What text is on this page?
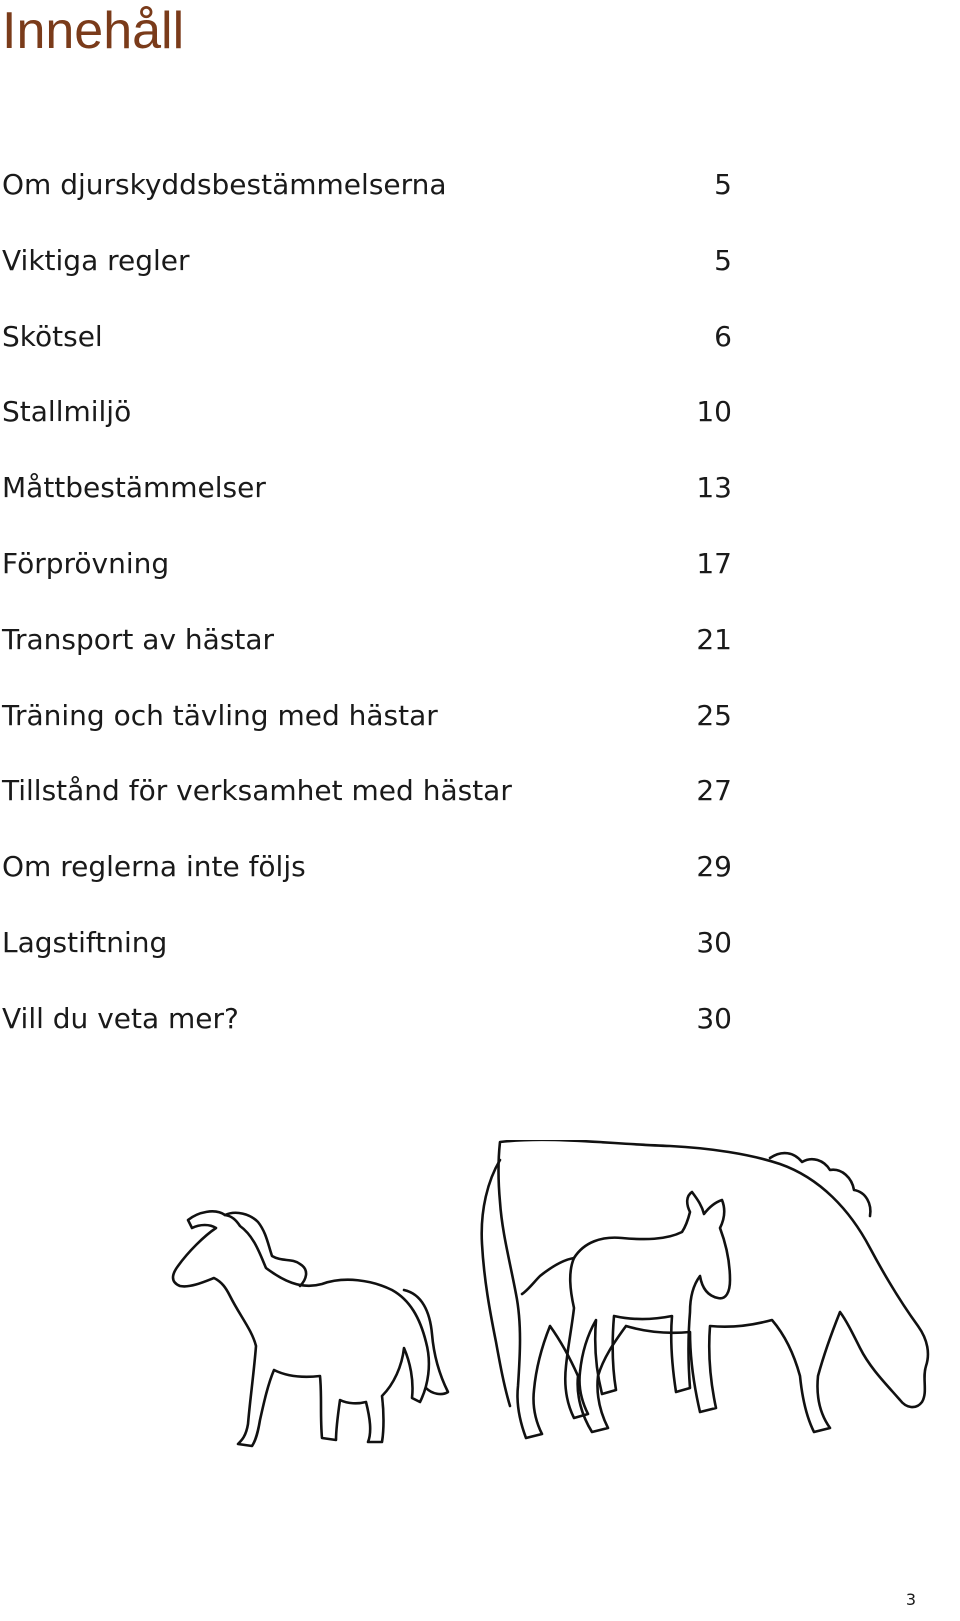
Innehåll
Om djurskyddsbestämmelserna	5
Viktiga regler	5
Skötsel	6
Stallmiljö	10
Måttbestämmelser	13
Förprövning	17
Transport av hästar	21
Träning och tävling med hästar	25
Tillstånd för verksamhet med hästar	27
Om reglerna inte följs	29
Lagstiftning	30
Vill du veta mer?	30
3
